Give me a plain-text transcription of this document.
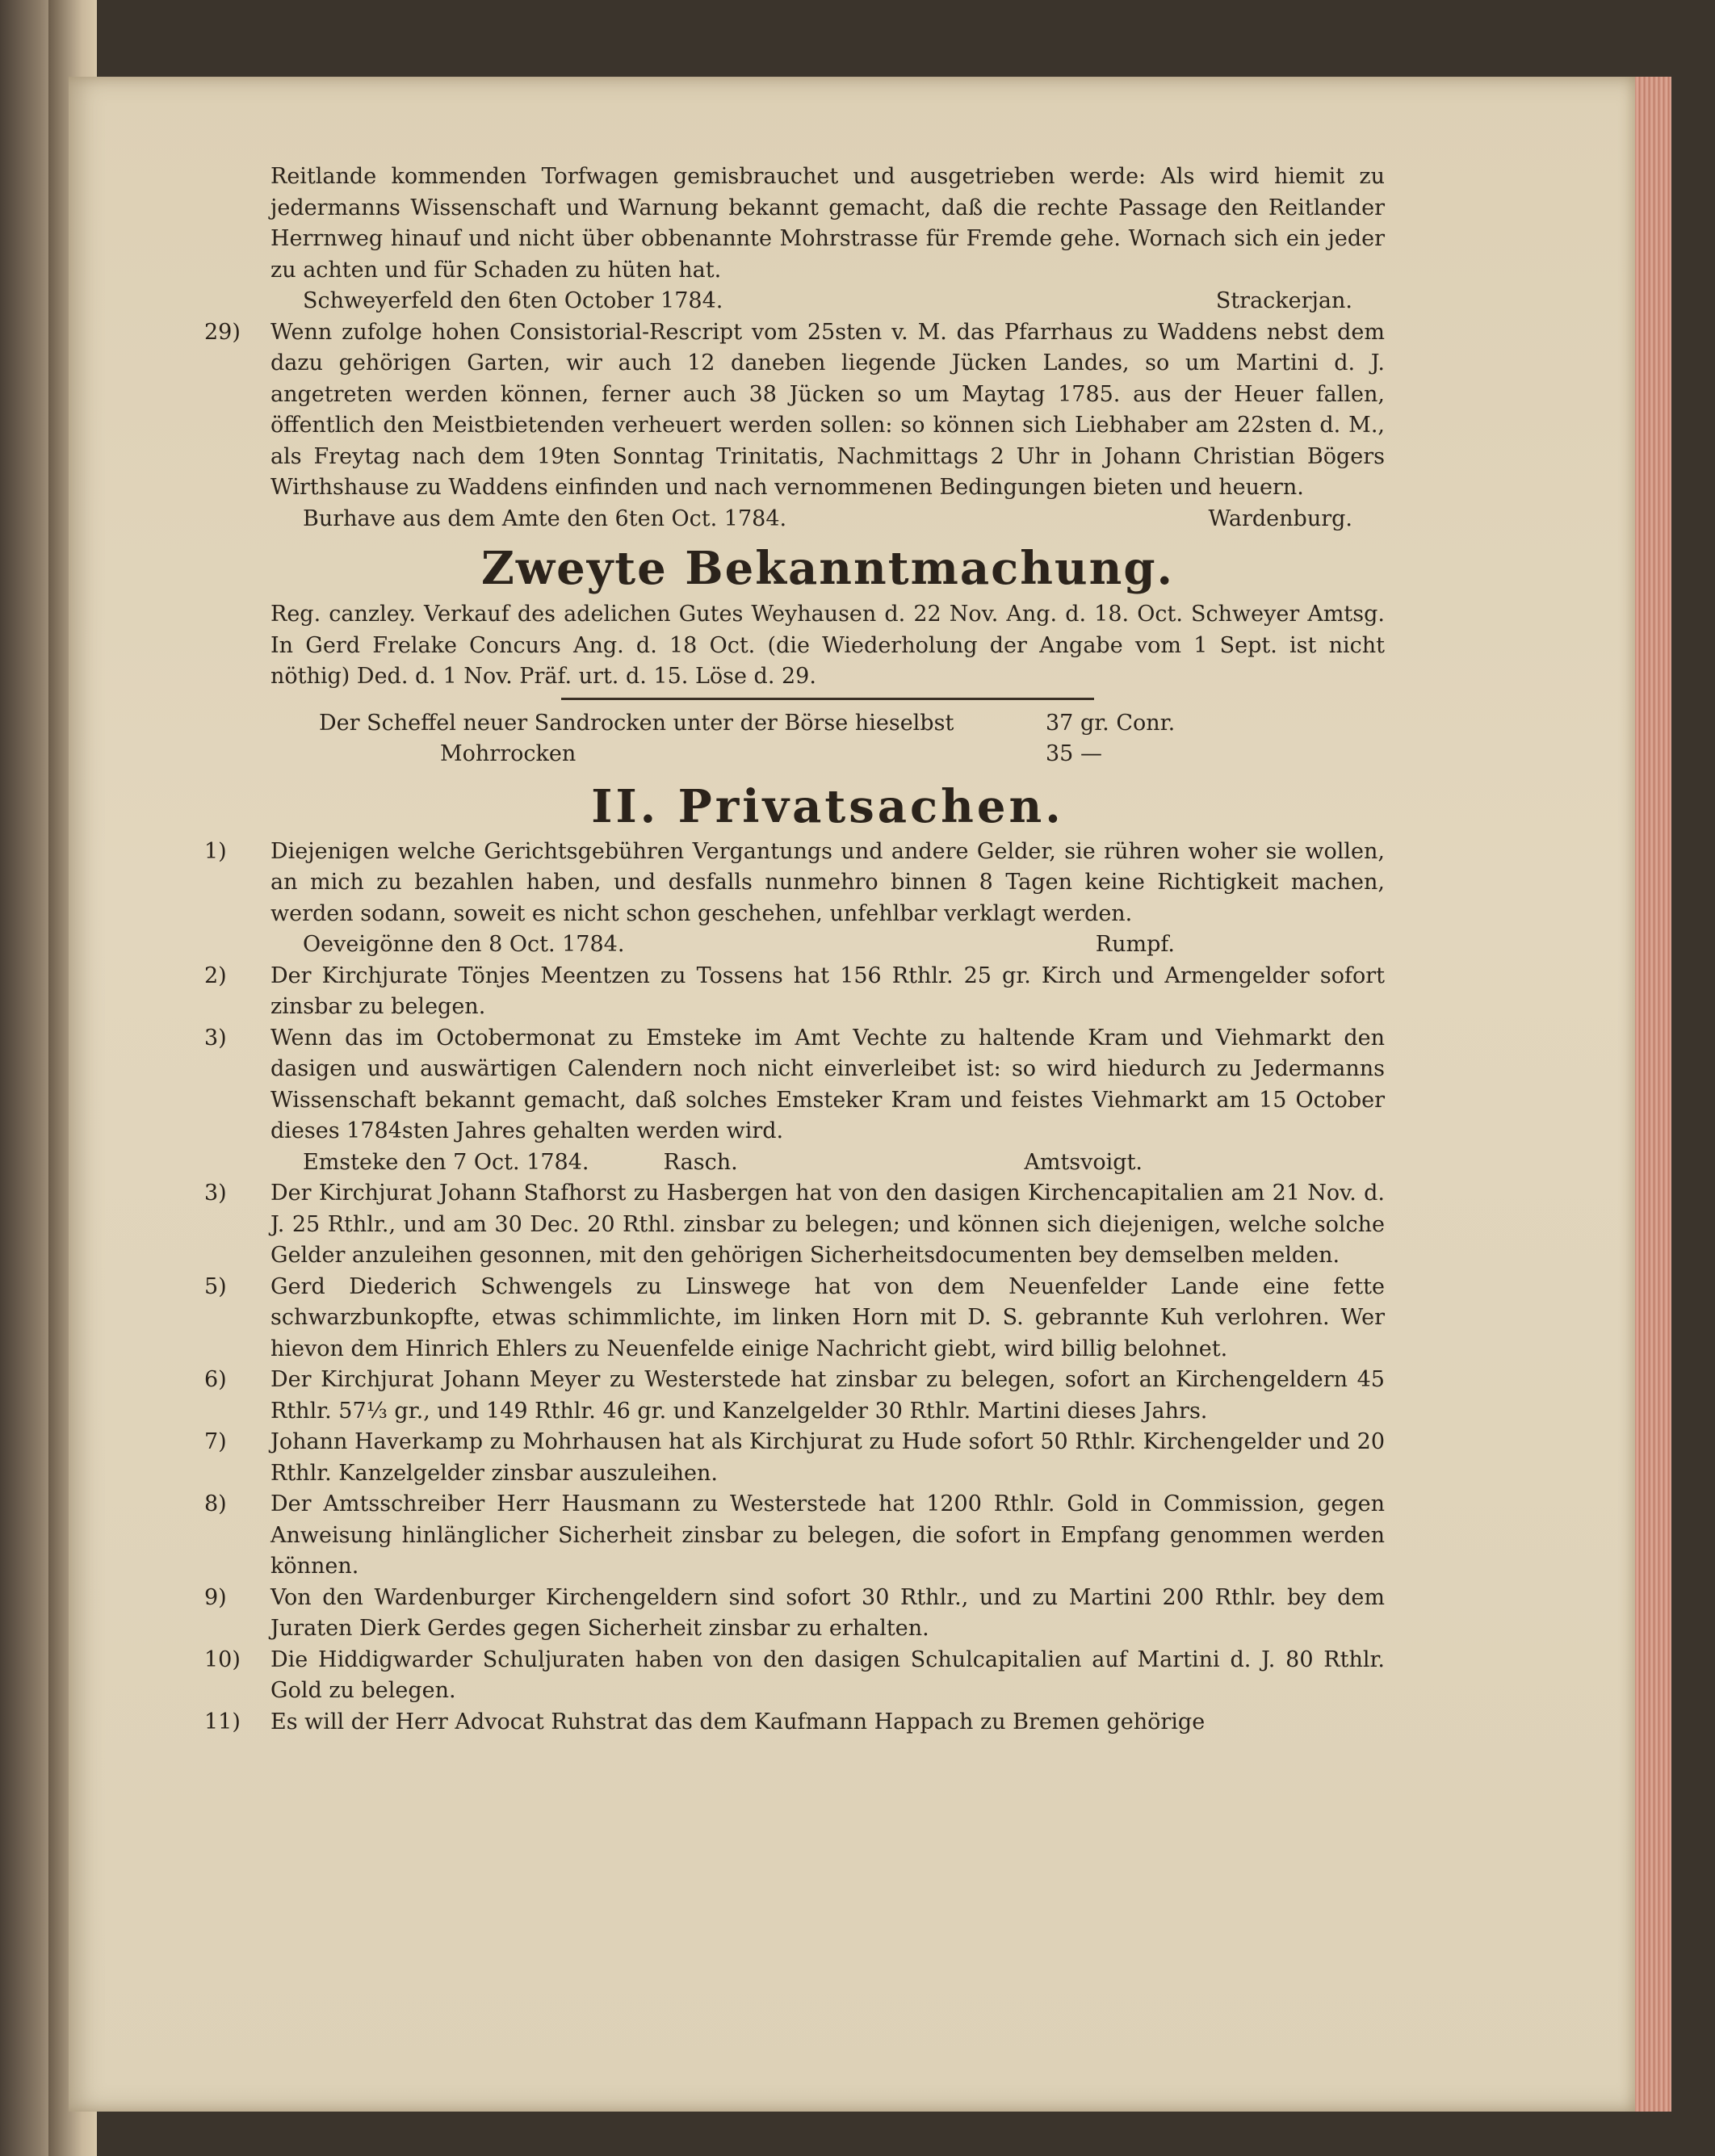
Reitlande kommenden Torfwagen gemisbrauchet und ausgetrieben werde: Als wird hiemit zu jedermanns Wissenschaft und Warnung bekannt gemacht, daß die rechte Passage den Reitlander Herrnweg hinauf und nicht über obbenannte Mohrstrasse für Fremde gehe. Wornach sich ein jeder zu achten und für Schaden zu hüten hat.
Schweyerfeld den 6ten October 1784.	Strackerjan.
29)	Wenn zufolge hohen Consistorial-Rescript vom 25sten v. M. das Pfarrhaus zu Waddens nebst dem dazu gehörigen Garten, wir auch 12 daneben liegende Jücken Landes, so um Martini d. J. angetreten werden können, ferner auch 38 Jücken so um Maytag 1785. aus der Heuer fallen, öffentlich den Meistbietenden verheuert werden sollen: so können sich Liebhaber am 22sten d. M., als Freytag nach dem 19ten Sonntag Trinitatis, Nachmittags 2 Uhr in Johann Christian Bögers Wirthshause zu Waddens einfinden und nach vernommenen Bedingungen bieten und heuern.
Burhave aus dem Amte den 6ten Oct. 1784.	Wardenburg.
Zweyte Bekanntmachung.
Reg. canzley. Verkauf des adelichen Gutes Weyhausen d. 22 Nov. Ang. d. 18. Oct. Schweyer Amtsg. In Gerd Frelake Concurs Ang. d. 18 Oct. (die Wiederholung der Angabe vom 1 Sept. ist nicht nöthig) Ded. d. 1 Nov. Präf. urt. d. 15. Löse d. 29.
Der Scheffel neuer Sandrocken unter der Börse hieselbst	37 gr. Conr.
Mohrrocken	35 —
II. Privatsachen.
1)	Diejenigen welche Gerichtsgebühren Vergantungs und andere Gelder, sie rühren woher sie wollen, an mich zu bezahlen haben, und desfalls nunmehro binnen 8 Tagen keine Richtigkeit machen, werden sodann, soweit es nicht schon geschehen, unfehlbar verklagt werden.
Oeveigönne den 8 Oct. 1784.	Rumpf.
2)	Der Kirchjurate Tönjes Meentzen zu Tossens hat 156 Rthlr. 25 gr. Kirch und Armengelder sofort zinsbar zu belegen.
3)	Wenn das im Octobermonat zu Emsteke im Amt Vechte zu haltende Kram und Viehmarkt den dasigen und auswärtigen Calendern noch nicht einverleibet ist: so wird hiedurch zu Jedermanns Wissenschaft bekannt gemacht, daß solches Emsteker Kram und feistes Viehmarkt am 15 October dieses 1784sten Jahres gehalten werden wird.
Emsteke den 7 Oct. 1784.	Rasch.	Amtsvoigt.
3)	Der Kirchjurat Johann Stafhorst zu Hasbergen hat von den dasigen Kirchencapitalien am 21 Nov. d. J. 25 Rthlr., und am 30 Dec. 20 Rthl. zinsbar zu belegen; und können sich diejenigen, welche solche Gelder anzuleihen gesonnen, mit den gehörigen Sicherheitsdocumenten bey demselben melden.
5)	Gerd Diederich Schwengels zu Linswege hat von dem Neuenfelder Lande eine fette schwarzbunkopfte, etwas schimmlichte, im linken Horn mit D. S. gebrannte Kuh verlohren. Wer hievon dem Hinrich Ehlers zu Neuenfelde einige Nachricht giebt, wird billig belohnet.
6)	Der Kirchjurat Johann Meyer zu Westerstede hat zinsbar zu belegen, sofort an Kirchengeldern 45 Rthlr. 57⅓ gr., und 149 Rthlr. 46 gr. und Kanzelgelder 30 Rthlr. Martini dieses Jahrs.
7)	Johann Haverkamp zu Mohrhausen hat als Kirchjurat zu Hude sofort 50 Rthlr. Kirchengelder und 20 Rthlr. Kanzelgelder zinsbar auszuleihen.
8)	Der Amtsschreiber Herr Hausmann zu Westerstede hat 1200 Rthlr. Gold in Commission, gegen Anweisung hinlänglicher Sicherheit zinsbar zu belegen, die sofort in Empfang genommen werden können.
9)	Von den Wardenburger Kirchengeldern sind sofort 30 Rthlr., und zu Martini 200 Rthlr. bey dem Juraten Dierk Gerdes gegen Sicherheit zinsbar zu erhalten.
10)	Die Hiddigwarder Schuljuraten haben von den dasigen Schulcapitalien auf Martini d. J. 80 Rthlr. Gold zu belegen.
11)	Es will der Herr Advocat Ruhstrat das dem Kaufmann Happach zu Bremen gehörige
